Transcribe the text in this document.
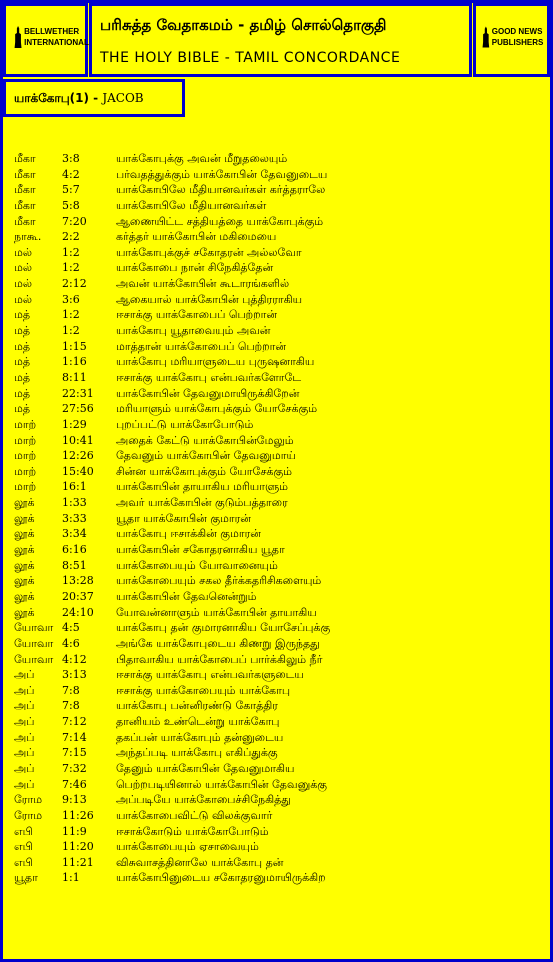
BELLWETHER INTERNATIONAL
பரிசுத்த வேதாகமம் - தமிழ் சொல்தொகுதி
THE HOLY BIBLE - TAMIL CONCORDANCE
GOOD NEWS PUBLISHERS
யாக்கோபு(1) - JACOB
மீகா 3:8	யாக்கோபுக்கு அவன் மீறுதலையும்
மீகா 4:2	பர்வதத்துக்கும் யாக்கோபின் தேவனுடைய
மீகா 5:7	யாக்கோபிலே மீதியானவர்கள் கர்த்தராலே
மீகா 5:8	யாக்கோபிலே மீதியானவர்கள்
மீகா 7:20	ஆணையிட்ட சத்தியத்தை யாக்கோபுக்கும்
நாகூ. 2:2	கர்த்தர் யாக்கோபின் மகிமையை
மல்	1:2	யாக்கோபுக்குச் சகோதரன் அல்லவோ
மல்	1:2	யாக்கோபை நான் சிநேகித்தேன்
மல்	2:12	அவன் யாக்கோபின் கூடாரங்களில்
மல்	3:6	ஆகையால் யாக்கோபின் புத்திரராகிய
மத்	1:2	ஈசாக்கு யாக்கோபைப் பெற்றான்
மத்	1:2	யாக்கோபு யூதாவையும் அவன்
மத்	1:15	மாத்தான் யாக்கோபைப் பெற்றான்
மத்	1:16	யாக்கோபு மரியாளுடைய புருஷனாகிய
மத்	8:11	ஈசாக்கு யாக்கோபு என்பவர்களோடே
மத்	22:31 யாக்கோபின் தேவனுமாயிருக்கிறேன்
மத்	27:56 மரியாளும் யாக்கோபுக்கும் யோசேக்கும்
மாற் 1:29	புறப்பட்டு யாக்கோபோடும்
மாற் 10:41 அதைக் கேட்டு யாக்கோபின்மேலும்
மாற் 12:26 தேவனும் யாக்கோபின் தேவனுமாய்
மாற் 15:40 சின்ன யாக்கோபுக்கும் யோசேக்கும்
மாற் 16:1	யாக்கோபின் தாயாகிய மரியாளும்
லூக்	1:33	அவர் யாக்கோபின் குடும்பத்தாரை
லூக்	3:33	யூதா யாக்கோபின் குமாரன்
லூக்	3:34	யாக்கோபு ஈசாக்கின் குமாரன்
லூக்	6:16	யாக்கோபின் சகோதரனாகிய யூதா
லூக்	8:51	யாக்கோபையும் யோவானையும்
லூக்	13:28 யாக்கோபையும் சகல தீர்க்கதரிசிகளையும்
லூக்	20:37 யாக்கோபின் தேவனென்றும்
லூக்	24:10 யோவன்னாளும் யாக்கோபின் தாயாகிய
யோவா 4:5	யாக்கோபு தன் குமாரனாகிய யோசேப்புக்கு
யோவா 4:6	அங்கே யாக்கோபுடைய கிணறு இருந்தது
யோவா 4:12	பிதாவாகிய யாக்கோபைப் பார்க்கிலும் நீர்
அப்	3:13	ஈசாக்கு யாக்கோபு என்பவர்களுடைய
அப்	7:8	ஈசாக்கு யாக்கோபையும் யாக்கோபு
அப்	7:8	யாக்கோபு பன்னிரண்டு கோத்திர
அப்	7:12	தானியம் உண்டென்று யாக்கோபு
அப்	7:14	தகப்பன் யாக்கோபும் தன்னுடைய
அப்	7:15	அந்தப்படி யாக்கோபு எகிப்துக்கு
அப்	7:32	தேனும் யாக்கோபின் தேவனுமாகிய
அப்	7:46	பெற்றபடியினால் யாக்கோபின் தேவனுக்கு
ரோம 9:13	அப்படியே யாக்கோபைச்சிநேகித்து
ரோம 11:26 யாக்கோபைவிட்டு விலக்குவார்
எபி	11:9	ஈசாக்கோடும் யாக்கோபோடும்
எபி	11:20 யாக்கோபையும் ஏசாவையும்
எபி	11:21 விசுவாசத்தினாலே யாக்கோபு தன்
யூதா 1:1	யாக்கோபினுடைய சகோதரனுமாயிருக்கிற
